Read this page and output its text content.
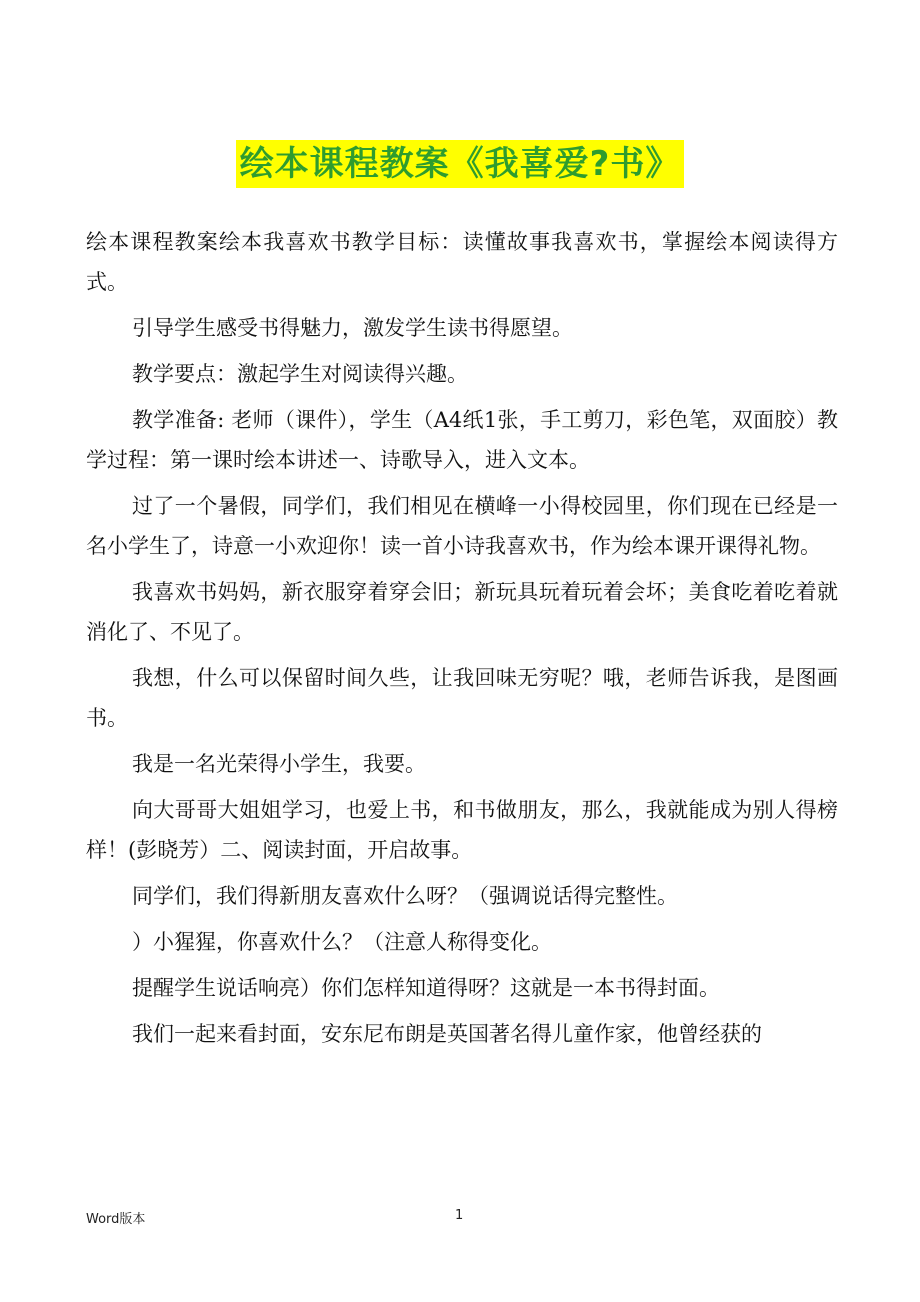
绘本课程教案《我喜爱?书》

绘本课程教案绘本我喜欢书教学目标：读懂故事我喜欢书，掌握绘本阅读得方式。

引导学生感受书得魅力，激发学生读书得愿望。

教学要点：激起学生对阅读得兴趣。

教学准备: 老师（课件），学生（A4纸1张，手工剪刀，彩色笔，双面胶）教学过程：第一课时绘本讲述一、诗歌导入，进入文本。

过了一个暑假，同学们，我们相见在横峰一小得校园里，你们现在已经是一名小学生了，诗意一小欢迎你！读一首小诗我喜欢书，作为绘本课开课得礼物。

我喜欢书妈妈，新衣服穿着穿会旧；新玩具玩着玩着会坏；美食吃着吃着就消化了、不见了。

我想，什么可以保留时间久些，让我回味无穷呢？哦，老师告诉我，是图画书。

我是一名光荣得小学生，我要。

向大哥哥大姐姐学习，也爱上书，和书做朋友，那么，我就能成为别人得榜样！(彭晓芳）二、阅读封面，开启故事。

同学们，我们得新朋友喜欢什么呀？（强调说话得完整性。

）小猩猩，你喜欢什么？（注意人称得变化。

提醒学生说话响亮）你们怎样知道得呀？这就是一本书得封面。

我们一起来看封面，安东尼布朗是英国著名得儿童作家，他曾经获的

Word版本	1
